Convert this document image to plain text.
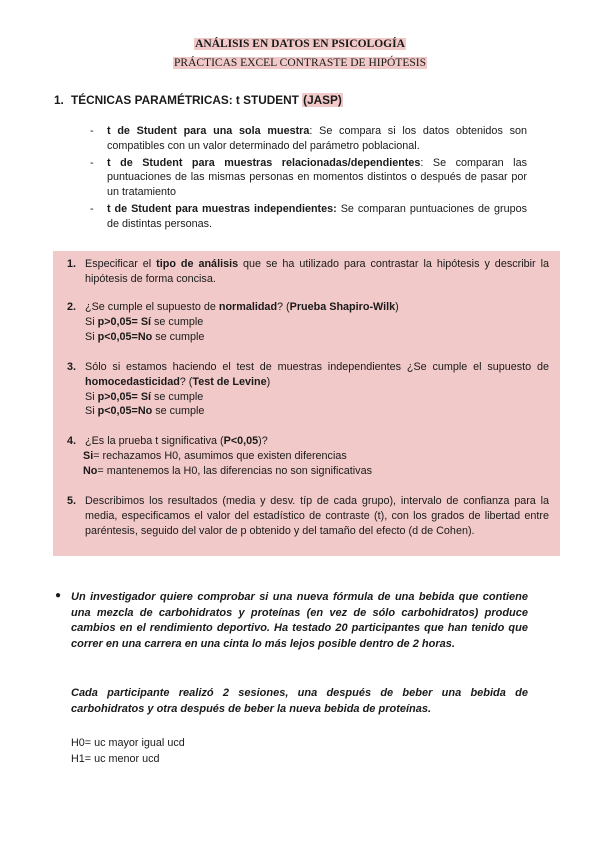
ANÁLISIS EN DATOS EN PSICOLOGÍA
PRÁCTICAS EXCEL CONTRASTE DE HIPÓTESIS
1. TÉCNICAS PARAMÉTRICAS: t STUDENT (JASP)
- t de Student para una sola muestra: Se compara si los datos obtenidos son compatibles con un valor determinado del parámetro poblacional.
- t de Student para muestras relacionadas/dependientes: Se comparan las puntuaciones de las mismas personas en momentos distintos o después de pasar por un tratamiento
- t de Student para muestras independientes: Se comparan puntuaciones de grupos de distintas personas.
1. Especificar el tipo de análisis que se ha utilizado para contrastar la hipótesis y describir la hipótesis de forma concisa.
2. ¿Se cumple el supuesto de normalidad? (Prueba Shapiro-Wilk)
Si p>0,05= Sí se cumple
Si p<0,05=No se cumple
3. Sólo si estamos haciendo el test de muestras independientes ¿Se cumple el supuesto de homocedasticidad? (Test de Levine)
Si p>0,05= Sí se cumple
Si p<0,05=No se cumple
4. ¿Es la prueba t significativa (P<0,05)?
Si= rechazamos H0, asumimos que existen diferencias
No= mantenemos la H0, las diferencias no son significativas
5. Describimos los resultados (media y desv. típ de cada grupo), intervalo de confianza para la media, especificamos el valor del estadístico de contraste (t), con los grados de libertad entre paréntesis, seguido del valor de p obtenido y del tamaño del efecto (d de Cohen).
● Un investigador quiere comprobar si una nueva fórmula de una bebida que contiene una mezcla de carbohidratos y proteínas (en vez de sólo carbohidratos) produce cambios en el rendimiento deportivo. Ha testado 20 participantes que han tenido que correr en una carrera en una cinta lo más lejos posible dentro de 2 horas.
Cada participante realizó 2 sesiones, una después de beber una bebida de carbohidratos y otra después de beber la nueva bebida de proteínas.
H0= uc mayor igual ucd
H1= uc menor ucd
